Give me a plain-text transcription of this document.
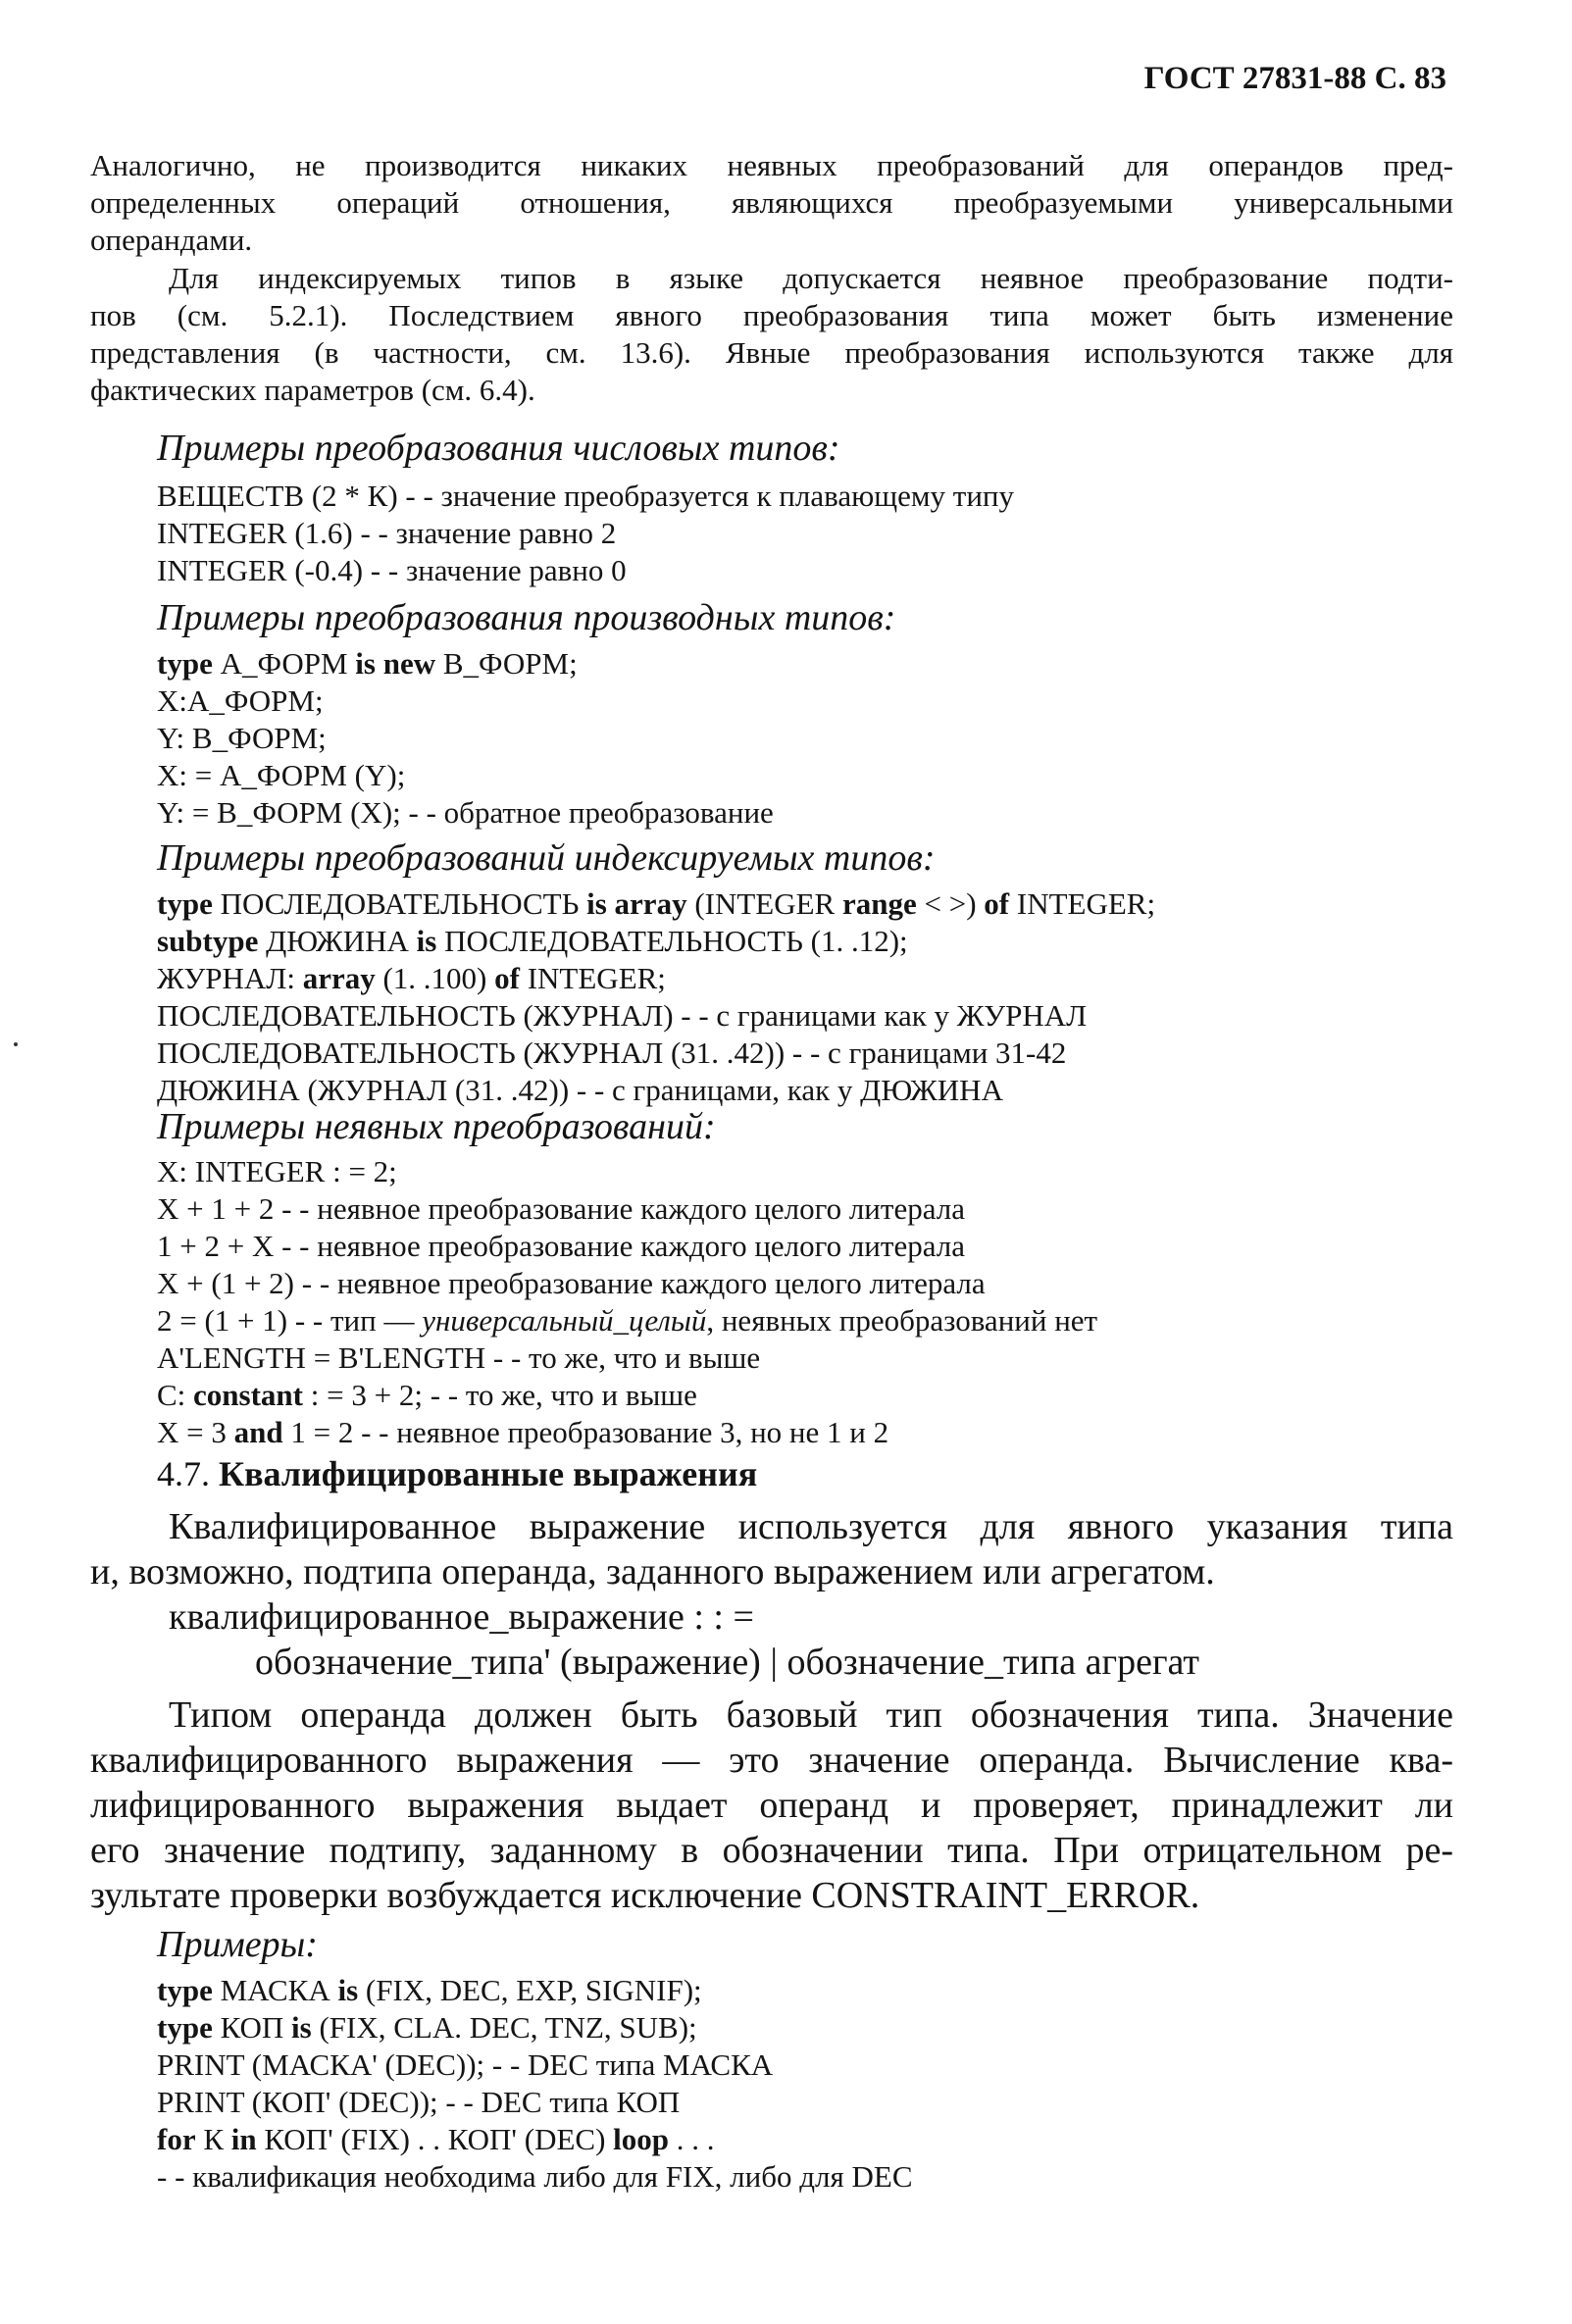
ГОСТ 27831-88 С. 83
Аналогично, не производится никаких неявных преобразований для операндов пред-
определенных операций отношения, являющихся преобразуемыми универсальными
операндами.
Для индексируемых типов в языке допускается неявное преобразование подти-
пов (см. 5.2.1). Последствием явного преобразования типа может быть изменение
представления (в частности, см. 13.6). Явные преобразования используются также для
фактических параметров (см. 6.4).
Примеры преобразования числовых типов:
ВЕЩЕСТВ (2 * К) - - значение преобразуется к плавающему типу
INTEGER (1.6) - - значение равно 2
INTEGER (-0.4) - - значение равно 0
Примеры преобразования производных типов:
type А_ФОРМ is new В_ФОРМ;
Х:А_ФОРМ;
Y: В_ФОРМ;
Х: = А_ФОРМ (Y);
Y: = В_ФОРМ (Х); - - обратное преобразование
Примеры преобразований индексируемых типов:
type ПОСЛЕДОВАТЕЛЬНОСТЬ is array (INTEGER range < >) of INTEGER;
subtype ДЮЖИНА is ПОСЛЕДОВАТЕЛЬНОСТЬ (1. .12);
ЖУРНАЛ: array (1. .100) of INTEGER;
ПОСЛЕДОВАТЕЛЬНОСТЬ (ЖУРНАЛ) - - с границами как у ЖУРНАЛ
ПОСЛЕДОВАТЕЛЬНОСТЬ (ЖУРНАЛ (31. .42)) - - с границами 31-42
ДЮЖИНА (ЖУРНАЛ (31. .42)) - - с границами, как у ДЮЖИНА
Примеры неявных преобразований:
Х: INTEGER : = 2;
Х + 1 + 2 - - неявное преобразование каждого целого литерала
1 + 2 + Х - - неявное преобразование каждого целого литерала
Х + (1 + 2) - - неявное преобразование каждого целого литерала
2 = (1 + 1) - - тип — универсальный_целый, неявных преобразований нет
A'LENGTH = B'LENGTH - - то же, что и выше
С: constant : = 3 + 2; - - то же, что и выше
Х = 3 and 1 = 2 - - неявное преобразование 3, но не 1 и 2
4.7. Квалифицированные выражения
Квалифицированное выражение используется для явного указания типа
и, возможно, подтипа операнда, заданного выражением или агрегатом.
квалифицированное_выражение : : =
обозначение_типа' (выражение) | обозначение_типа агрегат
Типом операнда должен быть базовый тип обозначения типа. Значение
квалифицированного выражения — это значение операнда. Вычисление ква-
лифицированного выражения выдает операнд и проверяет, принадлежит ли
его значение подтипу, заданному в обозначении типа. При отрицательном ре-
зультате проверки возбуждается исключение CONSTRAINT_ERROR.
Примеры:
type МАСКА is (FIX, DEC, EXP, SIGNIF);
type КОП is (FIX, CLA. DEC, TNZ, SUB);
PRINT (МАСКА' (DEC)); - - DEC типа МАСКА
PRINT (КОП' (DEC)); - - DEC типа КОП
for К in КОП' (FIX) . . КОП' (DEC) loop . . .
- - квалификация необходима либо для FIX, либо для DEC
